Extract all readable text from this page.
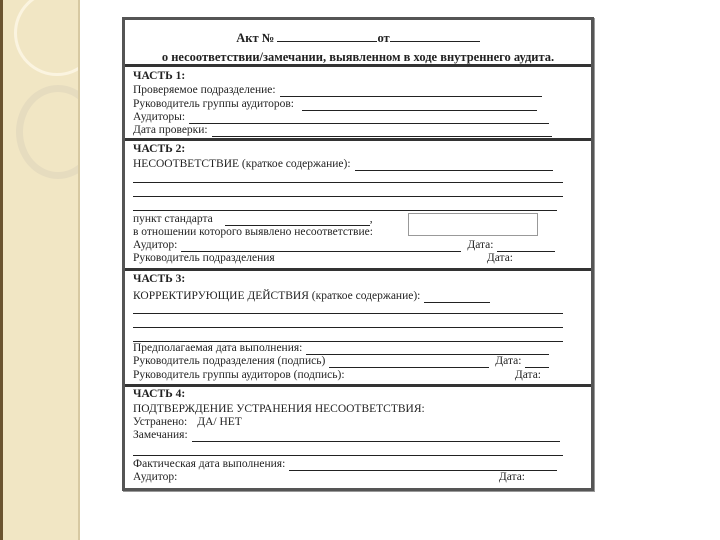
Акт №	от
о несоответствии/замечании, выявленном в ходе внутреннего аудита.
ЧАСТЬ 1:
Проверяемое подразделение:
Руководитель группы аудиторов:
Аудиторы:
Дата проверки:
ЧАСТЬ 2:
НЕСООТВЕТСТВИЕ (краткое содержание):
пункт стандарта	,
в отношении которого выявлено несоответствие:
Аудитор:	Дата:
Руководитель подразделения	Дата:
ЧАСТЬ 3:
КОРРЕКТИРУЮЩИЕ ДЕЙСТВИЯ (краткое содержание):
Предполагаемая дата выполнения:
Руководитель подразделения (подпись)	Дата:
Руководитель группы аудиторов (подпись):	Дата:
ЧАСТЬ 4:
ПОДТВЕРЖДЕНИЕ УСТРАНЕНИЯ НЕСООТВЕТСТВИЯ:
Устранено: ДА/ НЕТ
Замечания:
Фактическая дата выполнения:
Аудитор:	Дата:
